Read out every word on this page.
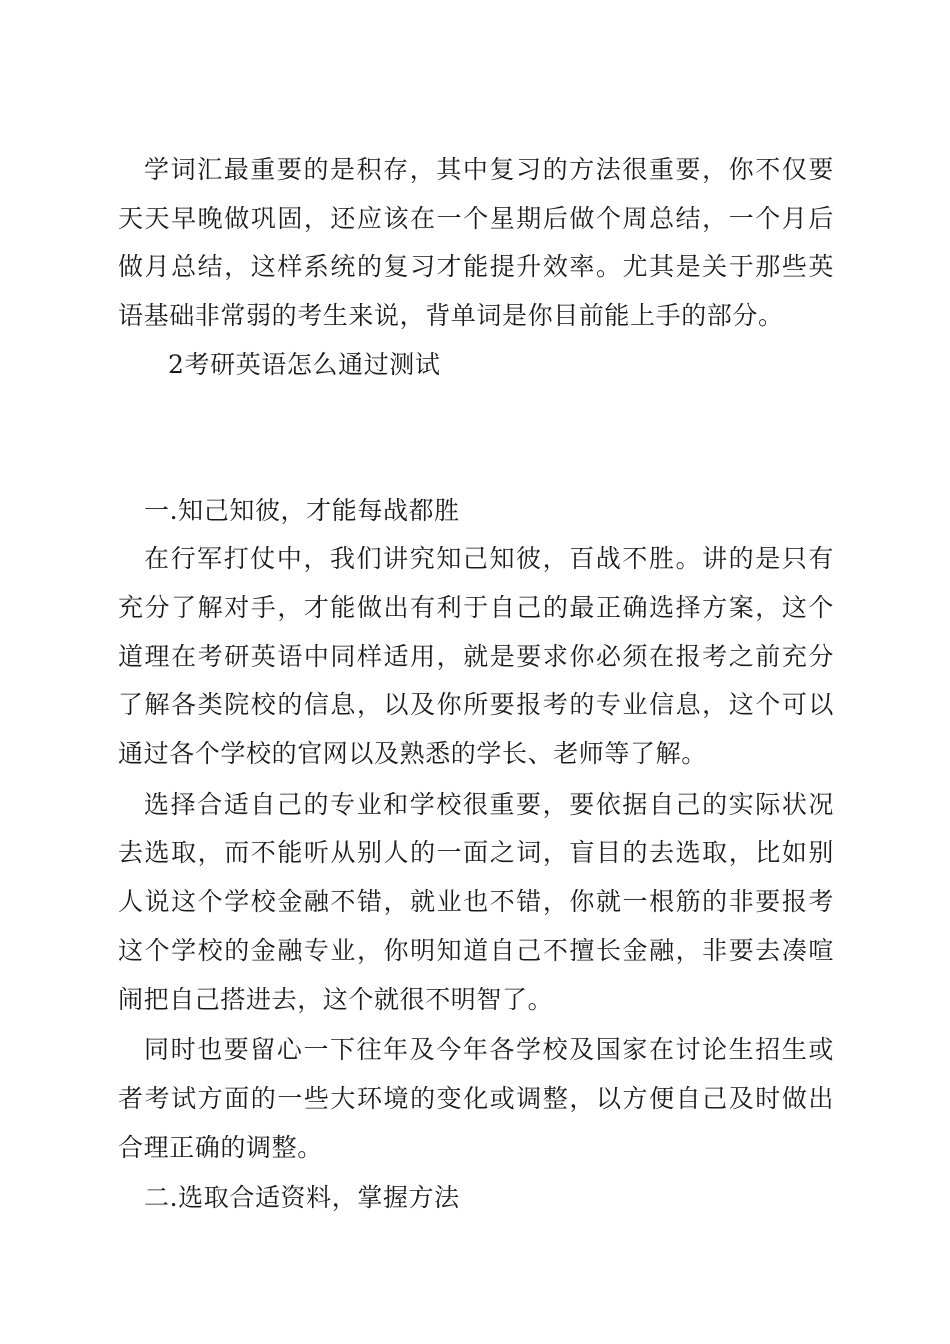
学词汇最重要的是积存，其中复习的方法很重要，你不仅要天天早晚做巩固，还应该在一个星期后做个周总结，一个月后做月总结，这样系统的复习才能提升效率。尤其是关于那些英语基础非常弱的考生来说，背单词是你目前能上手的部分。

2考研英语怎么通过测试

一.知己知彼，才能每战都胜

在行军打仗中，我们讲究知己知彼，百战不胜。讲的是只有充分了解对手，才能做出有利于自己的最正确选择方案，这个道理在考研英语中同样适用，就是要求你必须在报考之前充分了解各类院校的信息，以及你所要报考的专业信息，这个可以通过各个学校的官网以及熟悉的学长、老师等了解。

选择合适自己的专业和学校很重要，要依据自己的实际状况去选取，而不能听从别人的一面之词，盲目的去选取，比如别人说这个学校金融不错，就业也不错，你就一根筋的非要报考这个学校的金融专业，你明知道自己不擅长金融，非要去凑喧闹把自己搭进去，这个就很不明智了。

同时也要留心一下往年及今年各学校及国家在讨论生招生或者考试方面的一些大环境的变化或调整，以方便自己及时做出合理正确的调整。

二.选取合适资料，掌握方法
